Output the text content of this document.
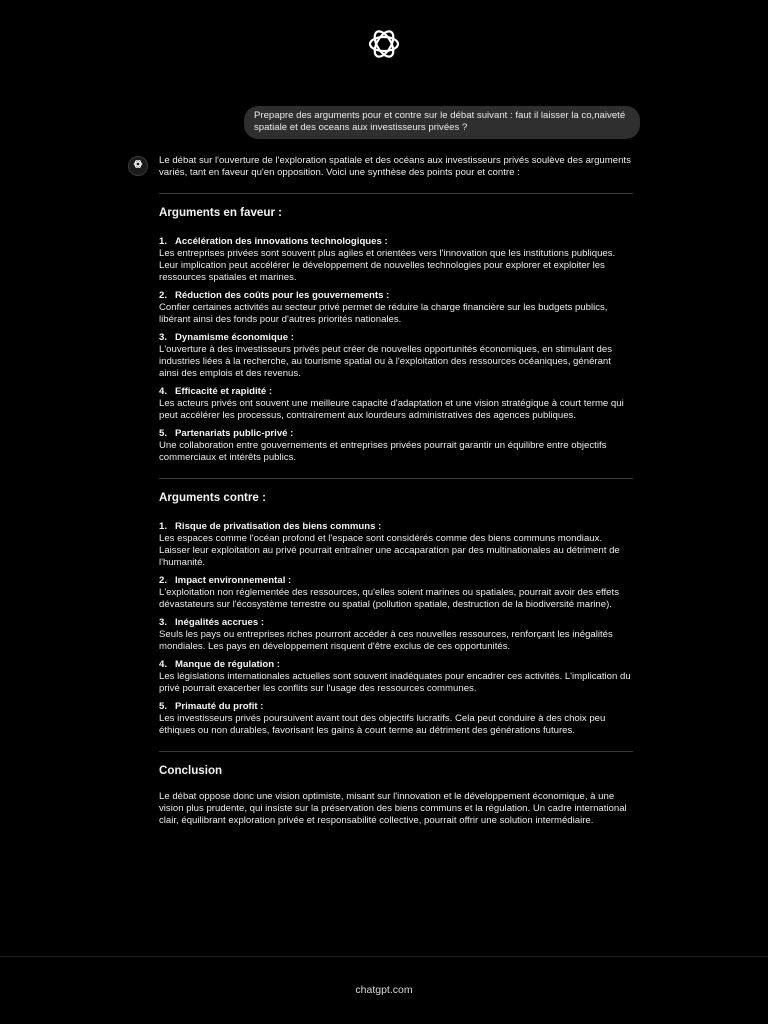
Prepapre des arguments pour et contre sur le débat suivant : faut il laisser la co,naiveté spatiale et des oceans aux investisseurs privées ?

Le débat sur l'ouverture de l'exploration spatiale et des océans aux investisseurs privés soulève des arguments variés, tant en faveur qu'en opposition. Voici une synthèse des points pour et contre :

Arguments en faveur :

1. Accélération des innovations technologiques :
Les entreprises privées sont souvent plus agiles et orientées vers l'innovation que les institutions publiques. Leur implication peut accélérer le développement de nouvelles technologies pour explorer et exploiter les ressources spatiales et marines.

2. Réduction des coûts pour les gouvernements :
Confier certaines activités au secteur privé permet de réduire la charge financière sur les budgets publics, libérant ainsi des fonds pour d'autres priorités nationales.

3. Dynamisme économique :
L'ouverture à des investisseurs privés peut créer de nouvelles opportunités économiques, en stimulant des industries liées à la recherche, au tourisme spatial ou à l'exploitation des ressources océaniques, générant ainsi des emplois et des revenus.

4. Efficacité et rapidité :
Les acteurs privés ont souvent une meilleure capacité d'adaptation et une vision stratégique à court terme qui peut accélérer les processus, contrairement aux lourdeurs administratives des agences publiques.

5. Partenariats public-privé :
Une collaboration entre gouvernements et entreprises privées pourrait garantir un équilibre entre objectifs commerciaux et intérêts publics.

Arguments contre :

1. Risque de privatisation des biens communs :
Les espaces comme l'océan profond et l'espace sont considérés comme des biens communs mondiaux. Laisser leur exploitation au privé pourrait entraîner une accaparation par des multinationales au détriment de l'humanité.

2. Impact environnemental :
L'exploitation non réglementée des ressources, qu'elles soient marines ou spatiales, pourrait avoir des effets dévastateurs sur l'écosystème terrestre ou spatial (pollution spatiale, destruction de la biodiversité marine).

3. Inégalités accrues :
Seuls les pays ou entreprises riches pourront accéder à ces nouvelles ressources, renforçant les inégalités mondiales. Les pays en développement risquent d'être exclus de ces opportunités.

4. Manque de régulation :
Les législations internationales actuelles sont souvent inadéquates pour encadrer ces activités. L'implication du privé pourrait exacerber les conflits sur l'usage des ressources communes.

5. Primauté du profit :
Les investisseurs privés poursuivent avant tout des objectifs lucratifs. Cela peut conduire à des choix peu éthiques ou non durables, favorisant les gains à court terme au détriment des générations futures.

Conclusion

Le débat oppose donc une vision optimiste, misant sur l'innovation et le développement économique, à une vision plus prudente, qui insiste sur la préservation des biens communs et la régulation. Un cadre international clair, équilibrant exploration privée et responsabilité collective, pourrait offrir une solution intermédiaire.

chatgpt.com
